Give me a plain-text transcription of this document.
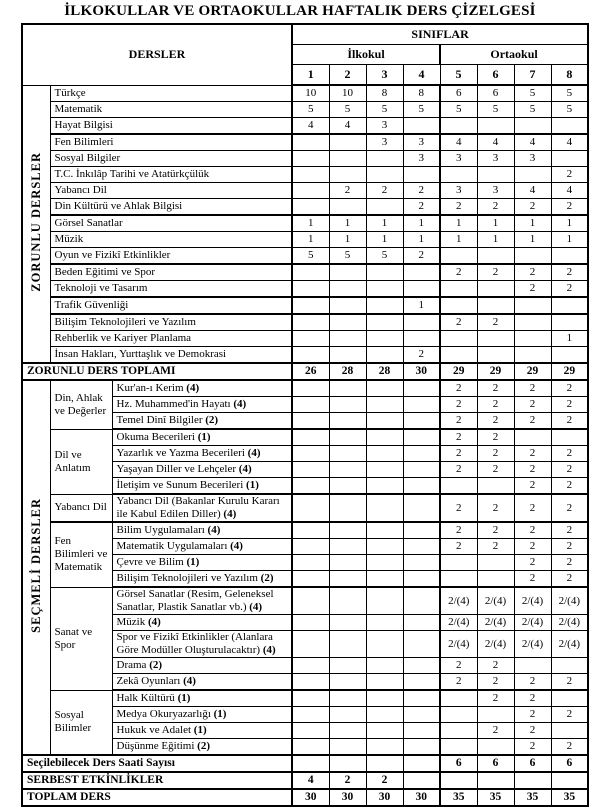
İLKOKULLAR VE ORTAOKULLAR HAFTALIK DERS ÇİZELGESİ
DERSLER			SINIFLAR							
			İlkokul				Ortaokul			
			1	2	3	4	5	6	7	8
ZORUNLU DERSLER	Türkçe		10	10	8	8	6	6	5	5
	Matematik		5	5	5	5	5	5	5	5
	Hayat Bilgisi		4	4	3					
	Fen Bilimleri				3	3	4	4	4	4
	Sosyal Bilgiler					3	3	3	3	
	T.C. İnkılâp Tarihi ve Atatürkçülük									2
	Yabancı Dil			2	2	2	3	3	4	4
	Din Kültürü ve Ahlak Bilgisi					2	2	2	2	2
	Görsel Sanatlar		1	1	1	1	1	1	1	1
	Müzik		1	1	1	1	1	1	1	1
	Oyun ve Fizikî Etkinlikler		5	5	5	2				
	Beden Eğitimi ve Spor						2	2	2	2
	Teknoloji ve Tasarım								2	2
	Trafik Güvenliği					1				
	Bilişim Teknolojileri ve Yazılım						2	2		
	Rehberlik ve Kariyer Planlama									1
	İnsan Hakları, Yurttaşlık ve Demokrasi					2				
ZORUNLU DERS TOPLAMI			26	28	28	30	29	29	29	29
SEÇMELİ DERSLER	Din, Ahlak ve Değerler	Kur'an-ı Kerim (4)					2	2	2	2
		Hz. Muhammed'in Hayatı (4)					2	2	2	2
		Temel Dinî Bilgiler (2)					2	2	2	2
	Dil ve Anlatım	Okuma Becerileri (1)					2	2		
		Yazarlık ve Yazma Becerileri (4)					2	2	2	2
		Yaşayan Diller ve Lehçeler (4)					2	2	2	2
		İletişim ve Sunum Becerileri (1)							2	2
	Yabancı Dil	Yabancı Dil (Bakanlar Kurulu Kararı ile Kabul Edilen Diller) (4)					2	2	2	2
	Fen Bilimleri ve Matematik	Bilim Uygulamaları (4)					2	2	2	2
		Matematik Uygulamaları (4)					2	2	2	2
		Çevre ve Bilim (1)							2	2
		Bilişim Teknolojileri ve Yazılım (2)							2	2
	Sanat ve Spor	Görsel Sanatlar (Resim, Geleneksel Sanatlar, Plastik Sanatlar vb.) (4)					2/(4)	2/(4)	2/(4)	2/(4)
		Müzik (4)					2/(4)	2/(4)	2/(4)	2/(4)
		Spor ve Fizikî Etkinlikler (Alanlara Göre Modüller Oluşturulacaktır) (4)					2/(4)	2/(4)	2/(4)	2/(4)
		Drama (2)					2	2		
		Zekâ Oyunları (4)					2	2	2	2
	Sosyal Bilimler	Halk Kültürü (1)						2	2	
		Medya Okuryazarlığı (1)							2	2
		Hukuk ve Adalet (1)						2	2	
		Düşünme Eğitimi (2)							2	2
Seçilebilecek Ders Saati Sayısı							6	6	6	6
SERBEST ETKİNLİKLER			4	2	2					
TOPLAM DERS			30	30	30	30	35	35	35	35
